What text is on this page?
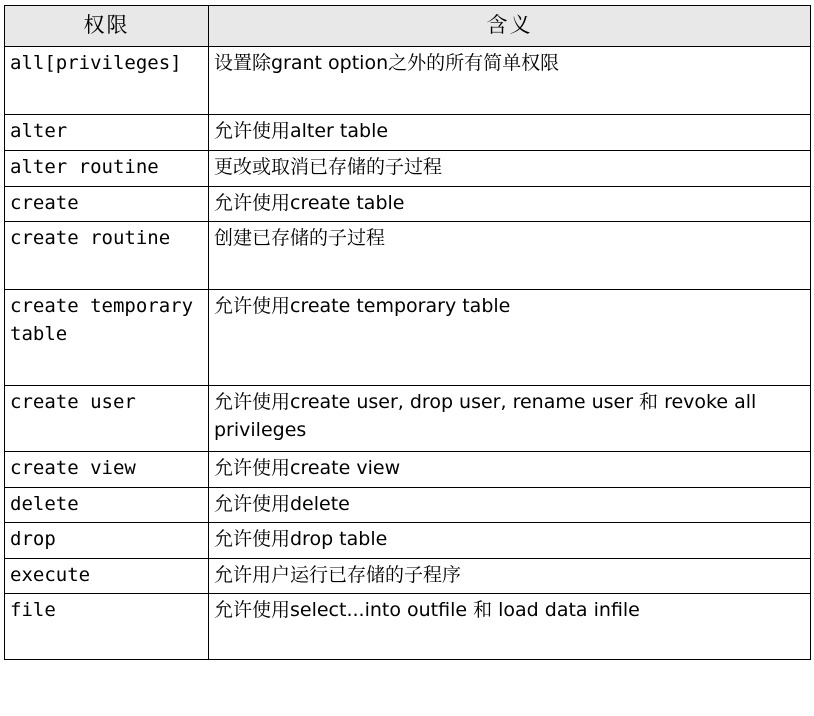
权限	含义
all[privileges]	设置除grant option之外的所有简单权限
alter	允许使用alter table
alter routine	更改或取消已存储的子过程
create	允许使用create table
create routine	创建已存储的子过程
create temporary table	允许使用create temporary table
create user	允许使用create user, drop user, rename user 和 revoke all privileges
create view	允许使用create view
delete	允许使用delete
drop	允许使用drop table
execute	允许用户运行已存储的子程序
file	允许使用select...into outfile 和 load data infile
